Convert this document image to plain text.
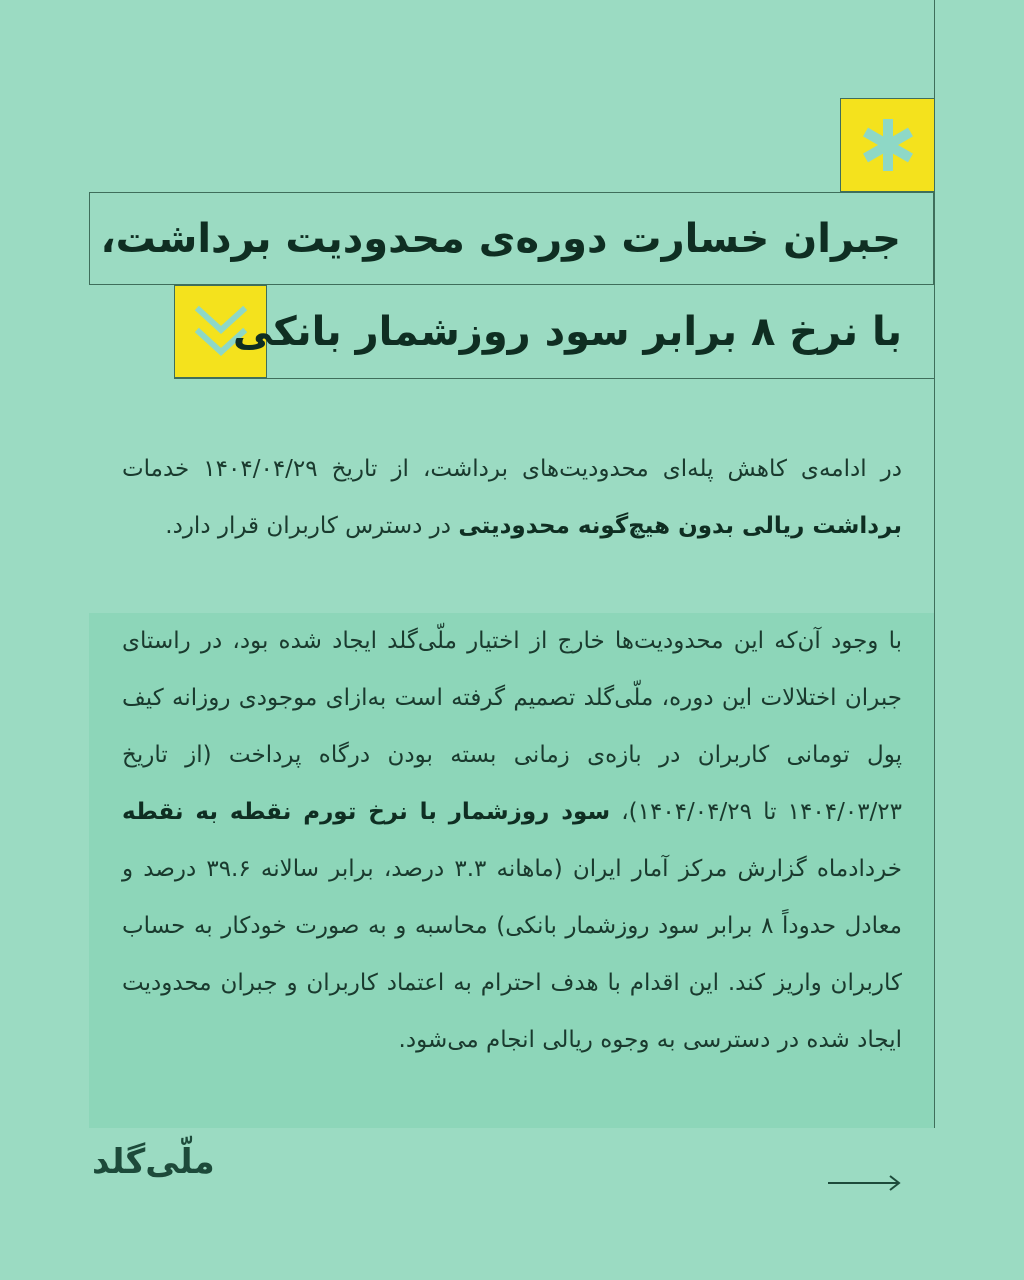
جبران خسارت دوره‌ی محدودیت برداشت،
با نرخ ۸ برابر سود روزشمار بانکی

در ادامه‌ی کاهش پله‌ای محدودیت‌های برداشت، از تاریخ ۱۴۰۴/۰۴/۲۹ خدمات برداشت ریالی بدون هیچ‌گونه محدودیتی در دسترس کاربران قرار دارد.

با وجود آن‌که این محدودیت‌ها خارج از اختیار ملّی‌گلد ایجاد شده بود، در راستای جبران اختلالات این دوره، ملّی‌گلد تصمیم گرفته است به‌ازای موجودی روزانه کیف پول تومانی کاربران در بازه‌ی زمانی بسته بودن درگاه پرداخت (از تاریخ ۱۴۰۴/۰۳/۲۳ تا ۱۴۰۴/۰۴/۲۹)، سود روزشمار با نرخ تورم نقطه به نقطه خردادماه گزارش مرکز آمار ایران (ماهانه ۳.۳ درصد، برابر سالانه ۳۹.۶ درصد و معادل حدوداً ۸ برابر سود روزشمار بانکی) محاسبه و به صورت خودکار به حساب کاربران واریز کند. این اقدام با هدف احترام به اعتماد کاربران و جبران محدودیت ایجاد شده در دسترسی به وجوه ریالی انجام می‌شود.

ملّی‌گلد
